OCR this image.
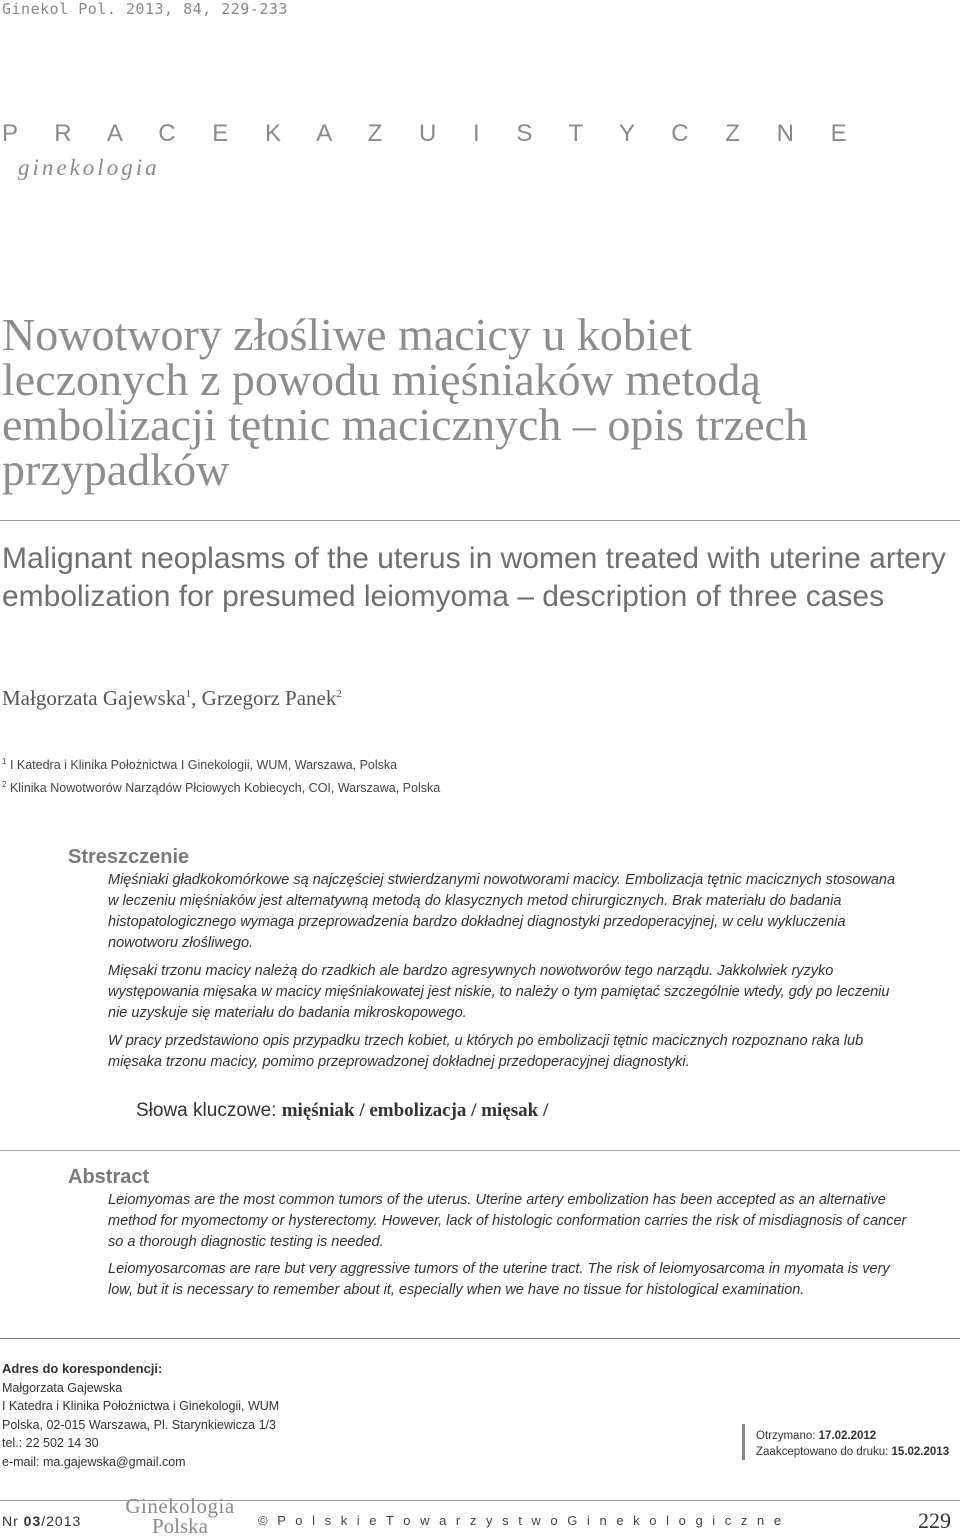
Ginekol Pol. 2013, 84, 229-233
P R A C E K A Z U I S T Y C Z N E
ginekologia
Nowotwory złośliwe macicy u kobiet
leczonych z powodu mięśniaków metodą
embolizacji tętnic macicznych – opis trzech
przypadków
Malignant neoplasms of the uterus in women treated with uterine artery
embolization for presumed leiomyoma – description of three cases
Małgorzata Gajewska$^1$, Grzegorz Panek$^2$
$^1$ I Katedra i Klinika Położnictwa I Ginekologii, WUM, Warszawa, Polska
$^2$ Klinika Nowotworów Narządów Płciowych Kobiecych, COI, Warszawa, Polska
Streszczenie

Mięśniaki gładkokomórkowe są najczęściej stwierdzanymi nowotworami macicy. Embolizacja tętnic macicznych stosowana w leczeniu mięśniaków jest alternatywną metodą do klasycznych metod chirurgicznych. Brak materiału do badania histopatologicznego wymaga przeprowadzenia bardzo dokładnej diagnostyki przedoperacyjnej, w celu wykluczenia nowotworu złośliwego.

Mięsaki trzonu macicy należą do rzadkich ale bardzo agresywnych nowotworów tego narządu. Jakkolwiek ryzyko występowania mięsaka w macicy mięśniakowatej jest niskie, to należy o tym pamiętać szczególnie wtedy, gdy po leczeniu nie uzyskuje się materiału do badania mikroskopowego.

W pracy przedstawiono opis przypadku trzech kobiet, u których po embolizacji tętnic macicznych rozpoznano raka lub mięsaka trzonu macicy, pomimo przeprowadzonej dokładnej przedoperacyjnej diagnostyki.

Słowa kluczowe: mięśniak / embolizacja / mięsak /
Abstract

Leiomyomas are the most common tumors of the uterus. Uterine artery embolization has been accepted as an alternative method for myomectomy or hysterectomy. However, lack of histologic conformation carries the risk of misdiagnosis of cancer so a thorough diagnostic testing is needed.

Leiomyosarcomas are rare but very aggressive tumors of the uterine tract. The risk of leiomyosarcoma in myomata is very low, but it is necessary to remember about it, especially when we have no tissue for histological examination.

Adres do korespondencji:
Małgorzata Gajewska
I Katedra i Klinika Położnictwa i Ginekologii, WUM
Polska, 02-015 Warszawa, Pl. Starynkiewicza 1/3
tel.: 22 502 14 30
e-mail: ma.gajewska@gmail.com
Otrzymano: 17.02.2012
Zaakceptowano do druku: 15.02.2013
Nr 03/2013
Ginekologia
Polska	© P o l s k i e T o w a r z y s t w o G i n e k o l o g i c z n e	229
